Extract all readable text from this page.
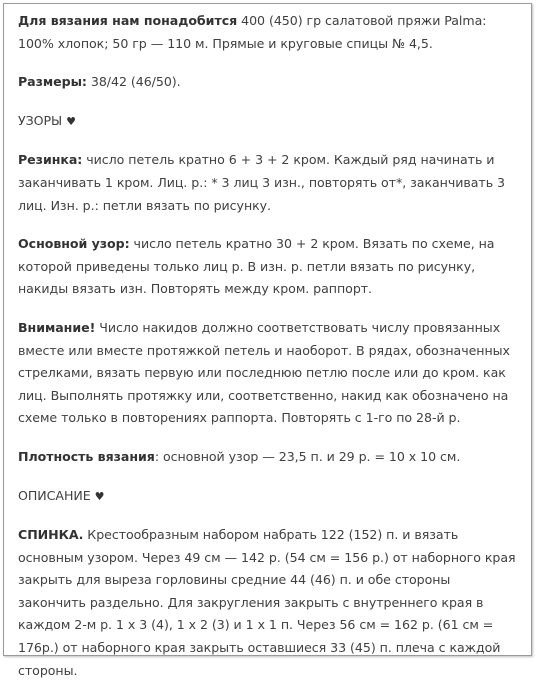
Для вязания нам понадобится 400 (450) гр салатовой пряжи Palma: 100% хлопок; 50 гр — 110 м. Прямые и круговые спицы № 4,5.

Размеры: 38/42 (46/50).

УЗОРЫ ♥

Резинка: число петель кратно 6 + 3 + 2 кром. Каждый ряд начинать и заканчивать 1 кром. Лиц. р.: * 3 лиц 3 изн., повторять от*, заканчивать 3 лиц. Изн. р.: петли вязать по рисунку.

Основной узор: число петель кратно 30 + 2 кром. Вязать по схеме, на которой приведены только лиц р. В изн. р. петли вязать по рисунку, накиды вязать изн. Повторять между кром. раппорт.

Внимание! Число накидов должно соответствовать числу провязанных вместе или вместе протяжкой петель и наоборот. В рядах, обозначенных стрелками, вязать первую или последнюю петлю после или до кром. как лиц. Выполнять протяжку или, соответственно, накид как обозначено на схеме только в повторениях раппорта. Повторять с 1-го по 28-й р.

Плотность вязания: основной узор — 23,5 п. и 29 р. = 10 х 10 см.

ОПИСАНИЕ ♥

СПИНКА. Крестообразным набором набрать 122 (152) п. и вязать основным узором. Через 49 см — 142 р. (54 см = 156 р.) от наборного края закрыть для выреза горловины средние 44 (46) п. и обе стороны закончить раздельно. Для закругления закрыть с внутреннего края в каждом 2-м р. 1 х 3 (4), 1 х 2 (3) и 1 х 1 п. Через 56 см = 162 р. (61 см = 176р.) от наборного края закрыть оставшиеся 33 (45) п. плеча с каждой стороны.
